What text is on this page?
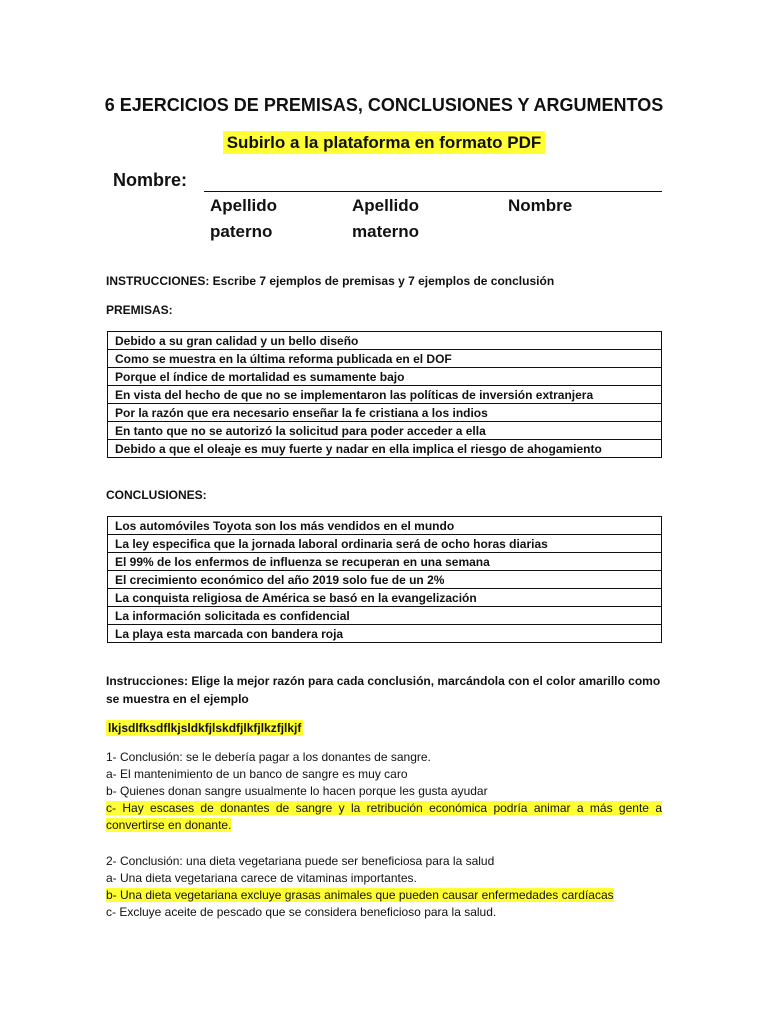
6 EJERCICIOS DE PREMISAS, CONCLUSIONES Y ARGUMENTOS
Subirlo a la plataforma en formato PDF
Nombre:
Apellido paterno
Apellido materno
Nombre
INSTRUCCIONES: Escribe 7 ejemplos de premisas y 7 ejemplos de conclusión
PREMISAS:
Debido a su gran calidad y un bello diseño
Como se muestra en la última reforma publicada en el DOF
Porque el índice de mortalidad es sumamente bajo
En vista del hecho de que no se implementaron las políticas de inversión extranjera
Por la razón que era necesario enseñar la fe cristiana a los indios
En tanto que no se autorizó la solicitud para poder acceder a ella
Debido a que el oleaje es muy fuerte y nadar en ella implica el riesgo de ahogamiento
CONCLUSIONES:
Los automóviles Toyota son los más vendidos en el mundo
La ley especifica que la jornada laboral ordinaria será de ocho horas diarias
El 99% de los enfermos de influenza se recuperan en una semana
El crecimiento económico del año 2019 solo fue de un 2%
La conquista religiosa de América se basó en la evangelización
La información solicitada es confidencial
La playa esta marcada con bandera roja
Instrucciones: Elige la mejor razón para cada conclusión, marcándola con el color amarillo como se muestra en el ejemplo
lkjsdlfksdflkjsldkfjlskdfjlkfjlkzfjlkjf
1- Conclusión: se le debería pagar a los donantes de sangre.
a- El mantenimiento de un banco de sangre es muy caro
b- Quienes donan sangre usualmente lo hacen porque les gusta ayudar
c- Hay escases de donantes de sangre y la retribución económica podría animar a más gente a convertirse en donante.
2- Conclusión: una dieta vegetariana puede ser beneficiosa para la salud
a- Una dieta vegetariana carece de vitaminas importantes.
b- Una dieta vegetariana excluye grasas animales que pueden causar enfermedades cardíacas
c- Excluye aceite de pescado que se considera beneficioso para la salud.
